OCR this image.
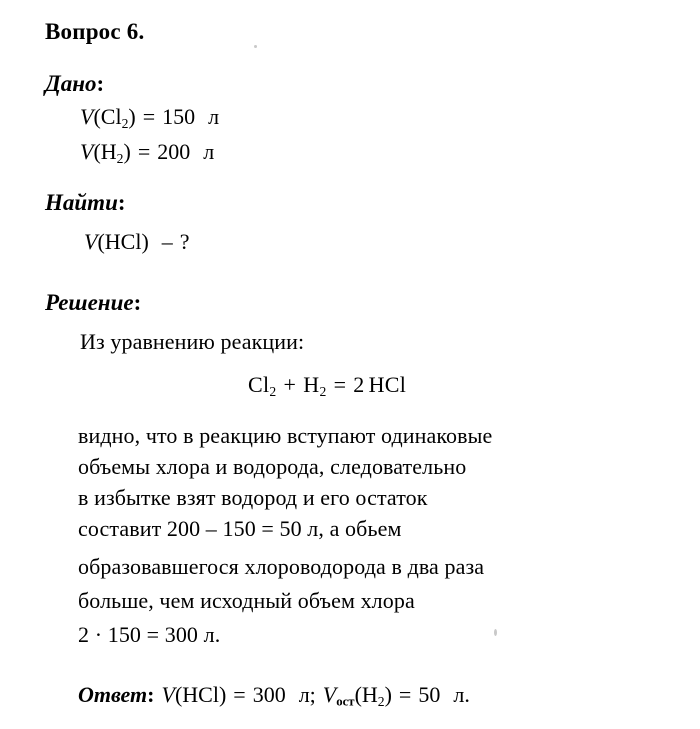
Вопрос 6.
Дано:
$V(Cl_2) = 150$ л
$V(H_2) = 200$ л
Найти:
V(HCl) – ?
Решение:
Из уравнению реакции:
$Cl_2 + H_2 = 2$ HCl
видно, что в реакцию вступают одинаковые
объемы хлора и водорода, следовательно
в избытке взят водород и его остаток
составит 200 – 150 = 50 л, а обьем
образовавшегося хлороводорода в два раза
больше, чем исходный объем хлора
2 · 150 = 300 л.
Ответ: V(HCl) = 300 л; $V_{ост}(H_2) = 50$ л.
